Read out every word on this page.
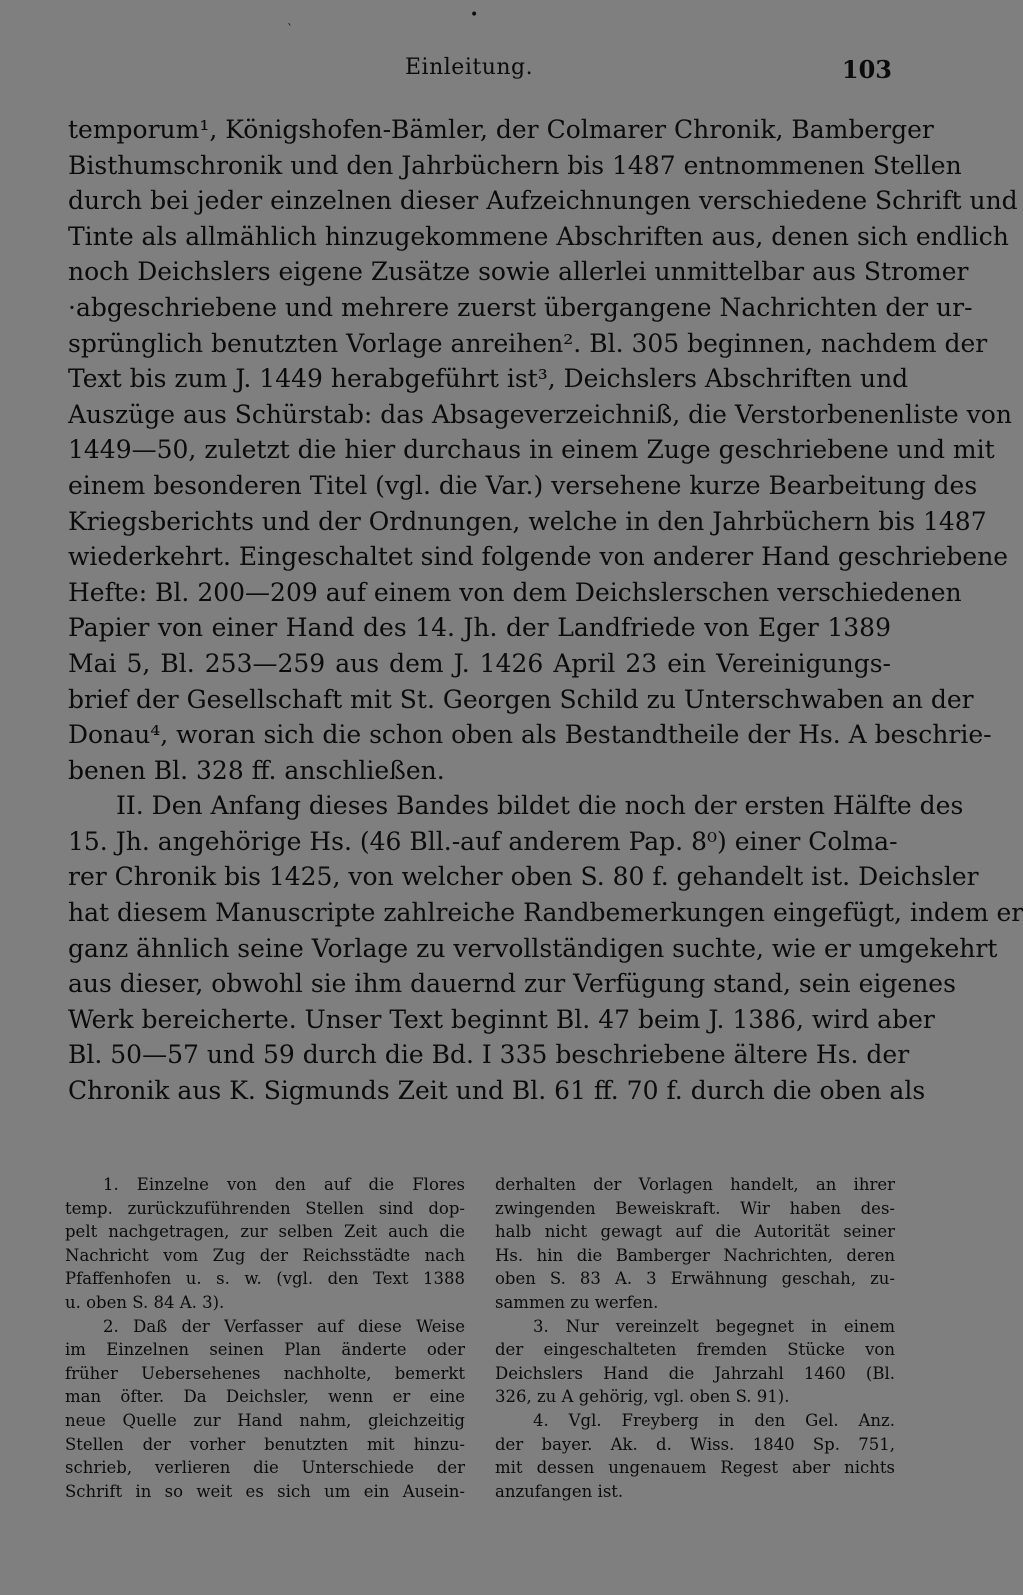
•
ˋ
Einleitung.	103
temporum¹, Königshofen-Bämler, der Colmarer Chronik, Bamberger
Bisthumschronik und den Jahrbüchern bis 1487 entnommenen Stellen
durch bei jeder einzelnen dieser Aufzeichnungen verschiedene Schrift und
Tinte als allmählich hinzugekommene Abschriften aus, denen sich endlich
noch Deichslers eigene Zusätze sowie allerlei unmittelbar aus Stromer
·abgeschriebene und mehrere zuerst übergangene Nachrichten der ur-
sprünglich benutzten Vorlage anreihen². Bl. 305 beginnen, nachdem der
Text bis zum J. 1449 herabgeführt ist³, Deichslers Abschriften und
Auszüge aus Schürstab: das Absageverzeichniß, die Verstorbenenliste von
1449—50, zuletzt die hier durchaus in einem Zuge geschriebene und mit
einem besonderen Titel (vgl. die Var.) versehene kurze Bearbeitung des
Kriegsberichts und der Ordnungen, welche in den Jahrbüchern bis 1487
wiederkehrt. Eingeschaltet sind folgende von anderer Hand geschriebene
Hefte: Bl. 200—209 auf einem von dem Deichslerschen verschiedenen
Papier von einer Hand des 14. Jh. der Landfriede von Eger 1389
Mai 5, Bl. 253—259 aus dem J. 1426 April 23 ein Vereinigungs-
brief der Gesellschaft mit St. Georgen Schild zu Unterschwaben an der
Donau⁴, woran sich die schon oben als Bestandtheile der Hs. A beschrie-
benen Bl. 328 ff. anschließen.
II. Den Anfang dieses Bandes bildet die noch der ersten Hälfte des
15. Jh. angehörige Hs. (46 Bll.-auf anderem Pap. 8⁰) einer Colma-
rer Chronik bis 1425, von welcher oben S. 80 f. gehandelt ist. Deichsler
hat diesem Manuscripte zahlreiche Randbemerkungen eingefügt, indem er
ganz ähnlich seine Vorlage zu vervollständigen suchte, wie er umgekehrt
aus dieser, obwohl sie ihm dauernd zur Verfügung stand, sein eigenes
Werk bereicherte. Unser Text beginnt Bl. 47 beim J. 1386, wird aber
Bl. 50—57 und 59 durch die Bd. I 335 beschriebene ältere Hs. der
Chronik aus K. Sigmunds Zeit und Bl. 61 ff. 70 f. durch die oben als
1. Einzelne von den auf die Flores
temp. zurückzuführenden Stellen sind dop-
pelt nachgetragen, zur selben Zeit auch die
Nachricht vom Zug der Reichsstädte nach
Pfaffenhofen u. s. w. (vgl. den Text 1388
u. oben S. 84 A. 3).
2. Daß der Verfasser auf diese Weise
im Einzelnen seinen Plan änderte oder
früher Uebersehenes nachholte, bemerkt
man öfter. Da Deichsler, wenn er eine
neue Quelle zur Hand nahm, gleichzeitig
Stellen der vorher benutzten mit hinzu-
schrieb, verlieren die Unterschiede der
Schrift in so weit es sich um ein Ausein-
derhalten der Vorlagen handelt, an ihrer
zwingenden Beweiskraft. Wir haben des-
halb nicht gewagt auf die Autorität seiner
Hs. hin die Bamberger Nachrichten, deren
oben S. 83 A. 3 Erwähnung geschah, zu-
sammen zu werfen.
3. Nur vereinzelt begegnet in einem
der eingeschalteten fremden Stücke von
Deichslers Hand die Jahrzahl 1460 (Bl.
326, zu A gehörig, vgl. oben S. 91).
4. Vgl. Freyberg in den Gel. Anz.
der bayer. Ak. d. Wiss. 1840 Sp. 751,
mit dessen ungenauem Regest aber nichts
anzufangen ist.
